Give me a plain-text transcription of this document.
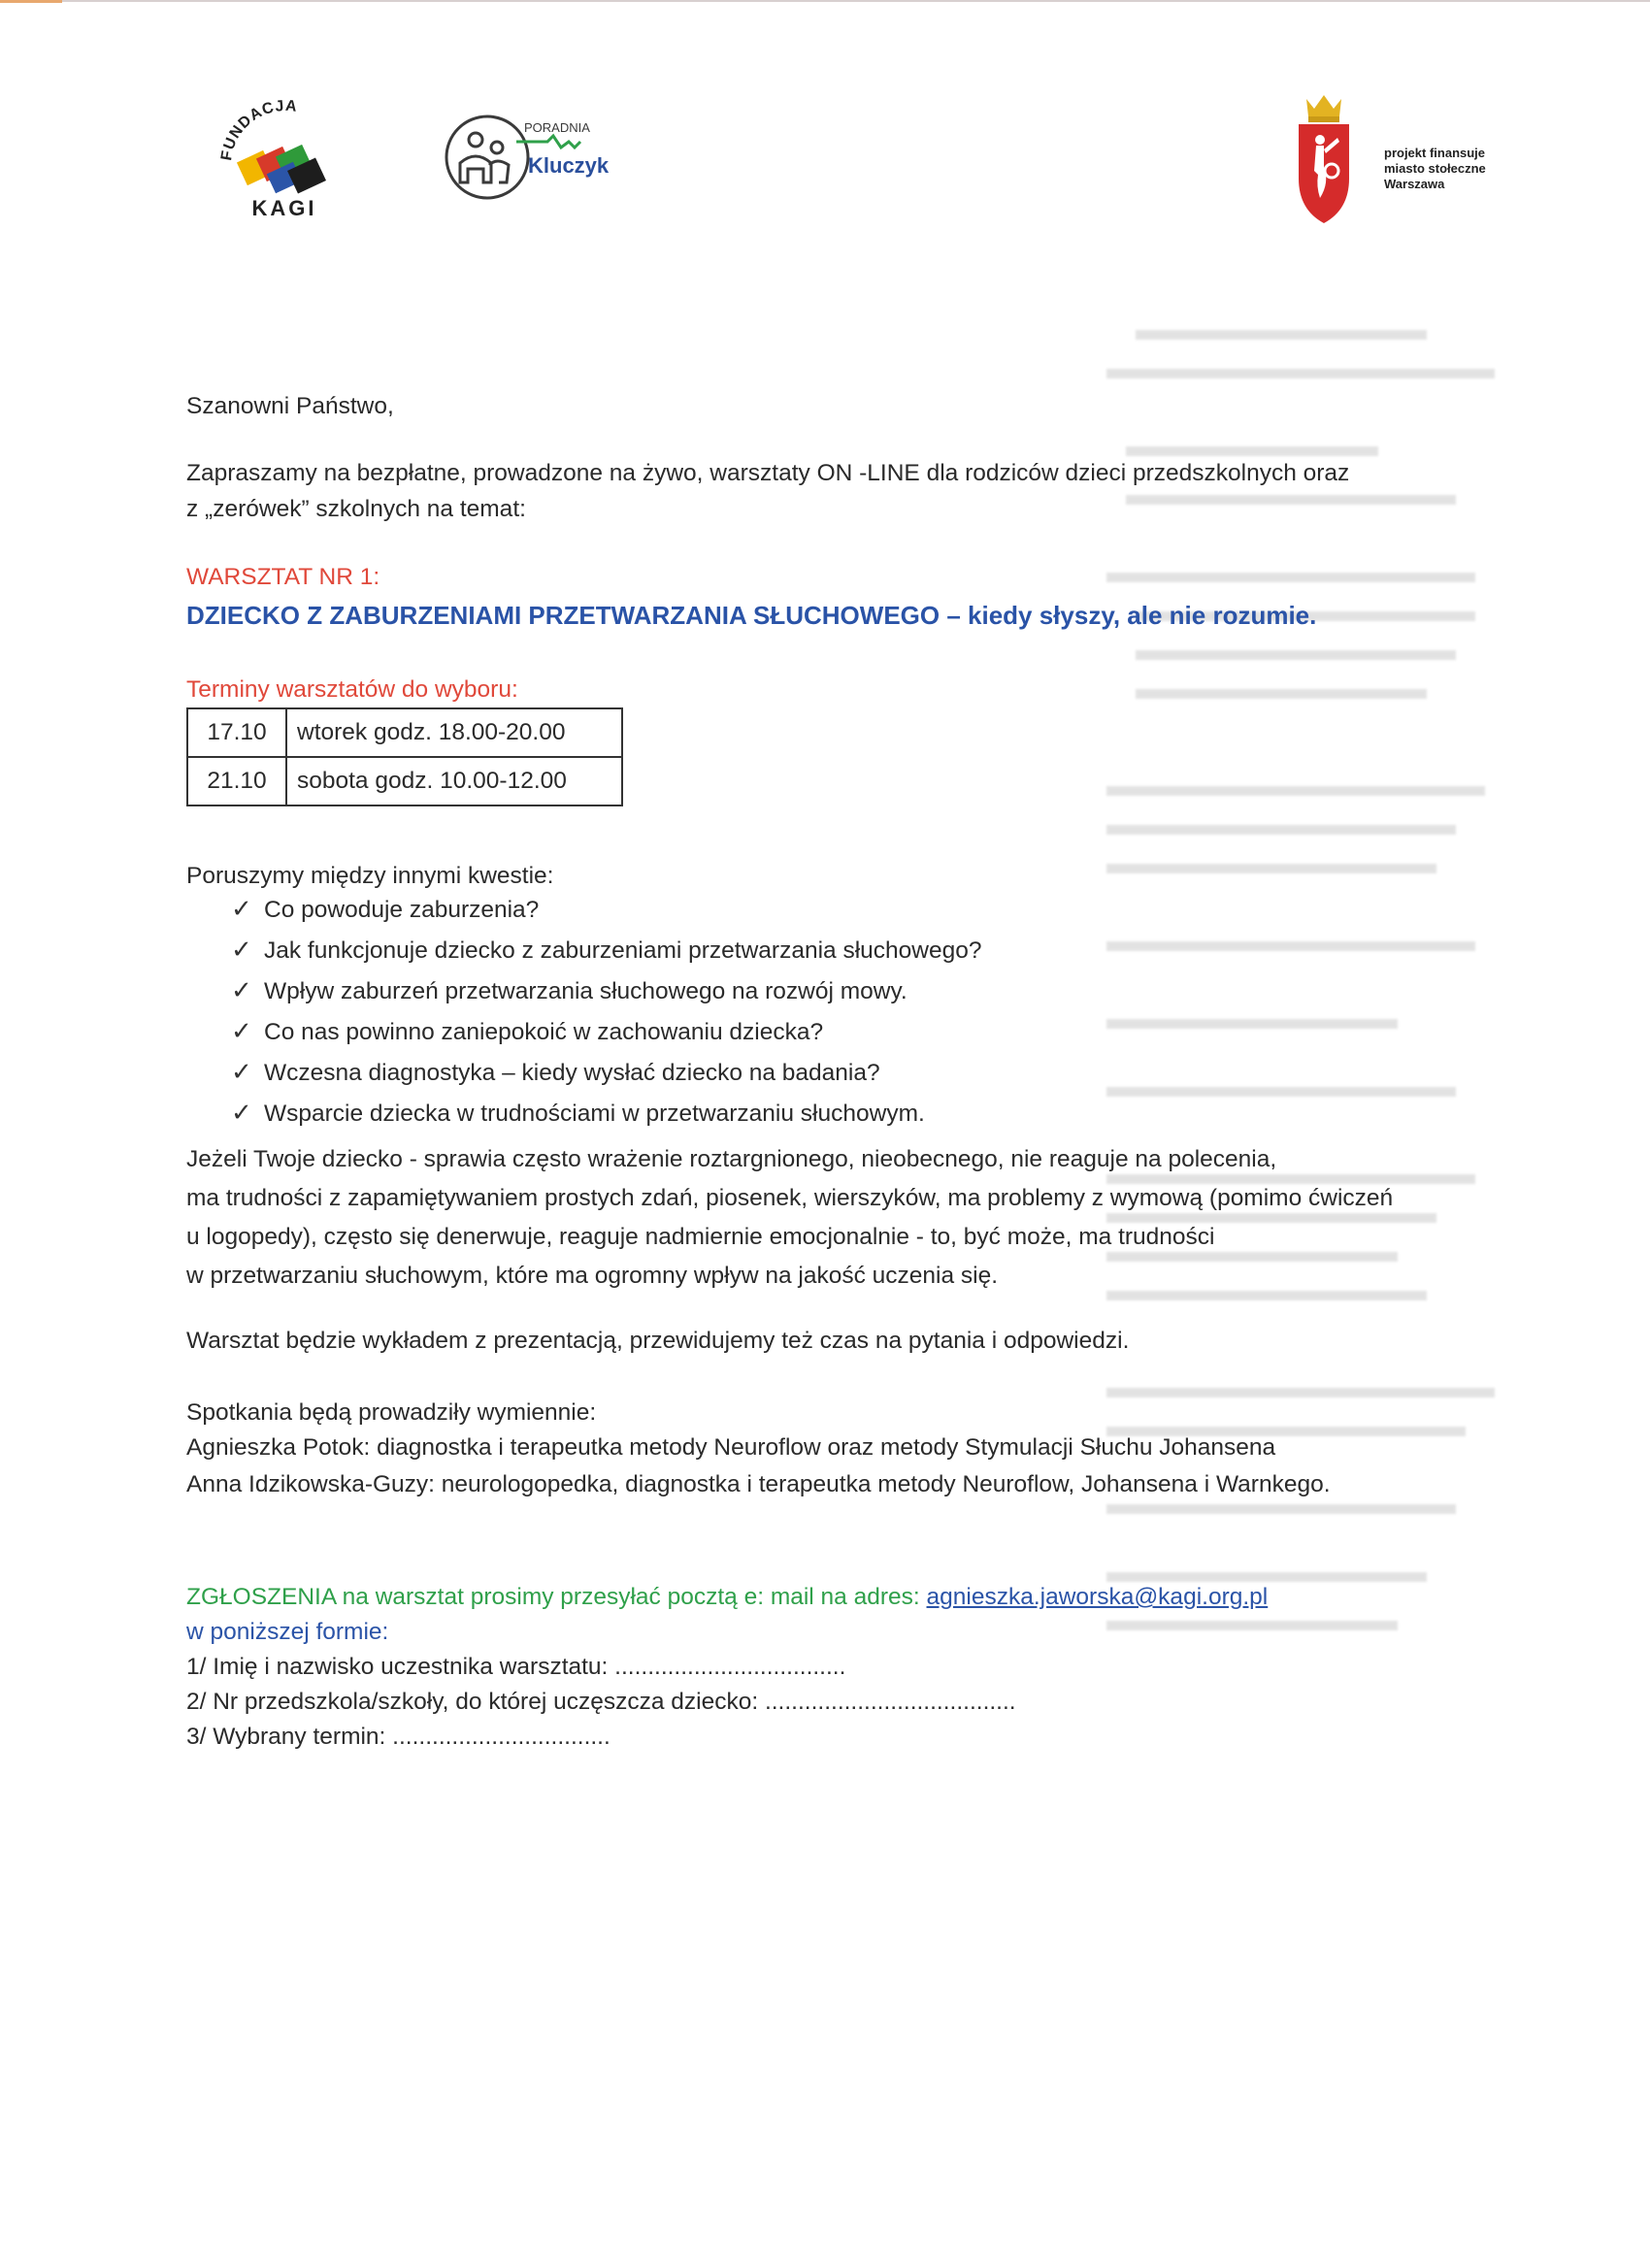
FUNDACJA
KAGI
PORADNIA
Kluczyk
projekt finansuje miasto stołeczne Warszawa
Szanowni Państwo,
Zapraszamy na bezpłatne, prowadzone na żywo, warsztaty ON -LINE dla rodziców dzieci przedszkolnych oraz
z „zerówek” szkolnych na temat:
WARSZTAT NR 1:
DZIECKO Z ZABURZENIAMI PRZETWARZANIA SŁUCHOWEGO – kiedy słyszy, ale nie rozumie.
Terminy warsztatów do wyboru:
17.10	wtorek godz. 18.00-20.00
21.10	sobota godz. 10.00-12.00
Poruszymy między innymi kwestie:
✓ Co powoduje zaburzenia?
✓ Jak funkcjonuje dziecko z zaburzeniami przetwarzania słuchowego?
✓ Wpływ zaburzeń przetwarzania słuchowego na rozwój mowy.
✓ Co nas powinno zaniepokoić w zachowaniu dziecka?
✓ Wczesna diagnostyka – kiedy wysłać dziecko na badania?
✓ Wsparcie dziecka w trudnościami w przetwarzaniu słuchowym.
Jeżeli Twoje dziecko - sprawia często wrażenie roztargnionego, nieobecnego, nie reaguje na polecenia,
ma trudności z zapamiętywaniem prostych zdań, piosenek, wierszyków, ma problemy z wymową (pomimo ćwiczeń
u logopedy), często się denerwuje, reaguje nadmiernie emocjonalnie - to, być może, ma trudności
w przetwarzaniu słuchowym, które ma ogromny wpływ na jakość uczenia się.
Warsztat będzie wykładem z prezentacją, przewidujemy też czas na pytania i odpowiedzi.
Spotkania będą prowadziły wymiennie:
Agnieszka Potok: diagnostka i terapeutka metody Neuroflow oraz metody Stymulacji Słuchu Johansena
Anna Idzikowska-Guzy: neurologopedka, diagnostka i terapeutka metody Neuroflow, Johansena i Warnkego.
ZGŁOSZENIA na warsztat prosimy przesyłać pocztą e: mail na adres: agnieszka.jaworska@kagi.org.pl
w poniższej formie:
1/ Imię i nazwisko uczestnika warsztatu: ...................................
2/ Nr przedszkola/szkoły, do której uczęszcza dziecko: ......................................
3/ Wybrany termin: .................................
